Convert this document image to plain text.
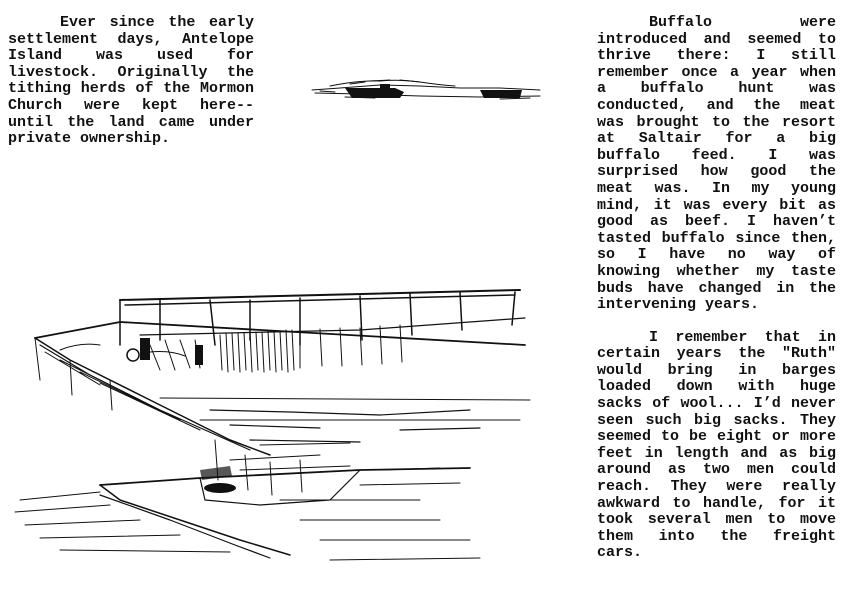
Ever since the early settlement days, Antelope Island was used for livestock. Originally the tithing herds of the Mormon Church were kept here--until the land came under private ownership.

Buffalo were introduced and seemed to thrive there: I still remember once a year when a buffalo hunt was conducted, and the meat was brought to the resort at Saltair for a big buffalo feed. I was surprised how good the meat was. In my young mind, it was every bit as good as beef. I haven’t tasted buffalo since then, so I have no way of knowing whether my taste buds have changed in the intervening years.

I remember that in certain years the "Ruth" would bring in barges loaded down with huge sacks of wool... I’d never seen such big sacks. They seemed to be eight or more feet in length and as big around as two men could reach. They were really awkward to handle, for it took several men to move them into the freight cars.
